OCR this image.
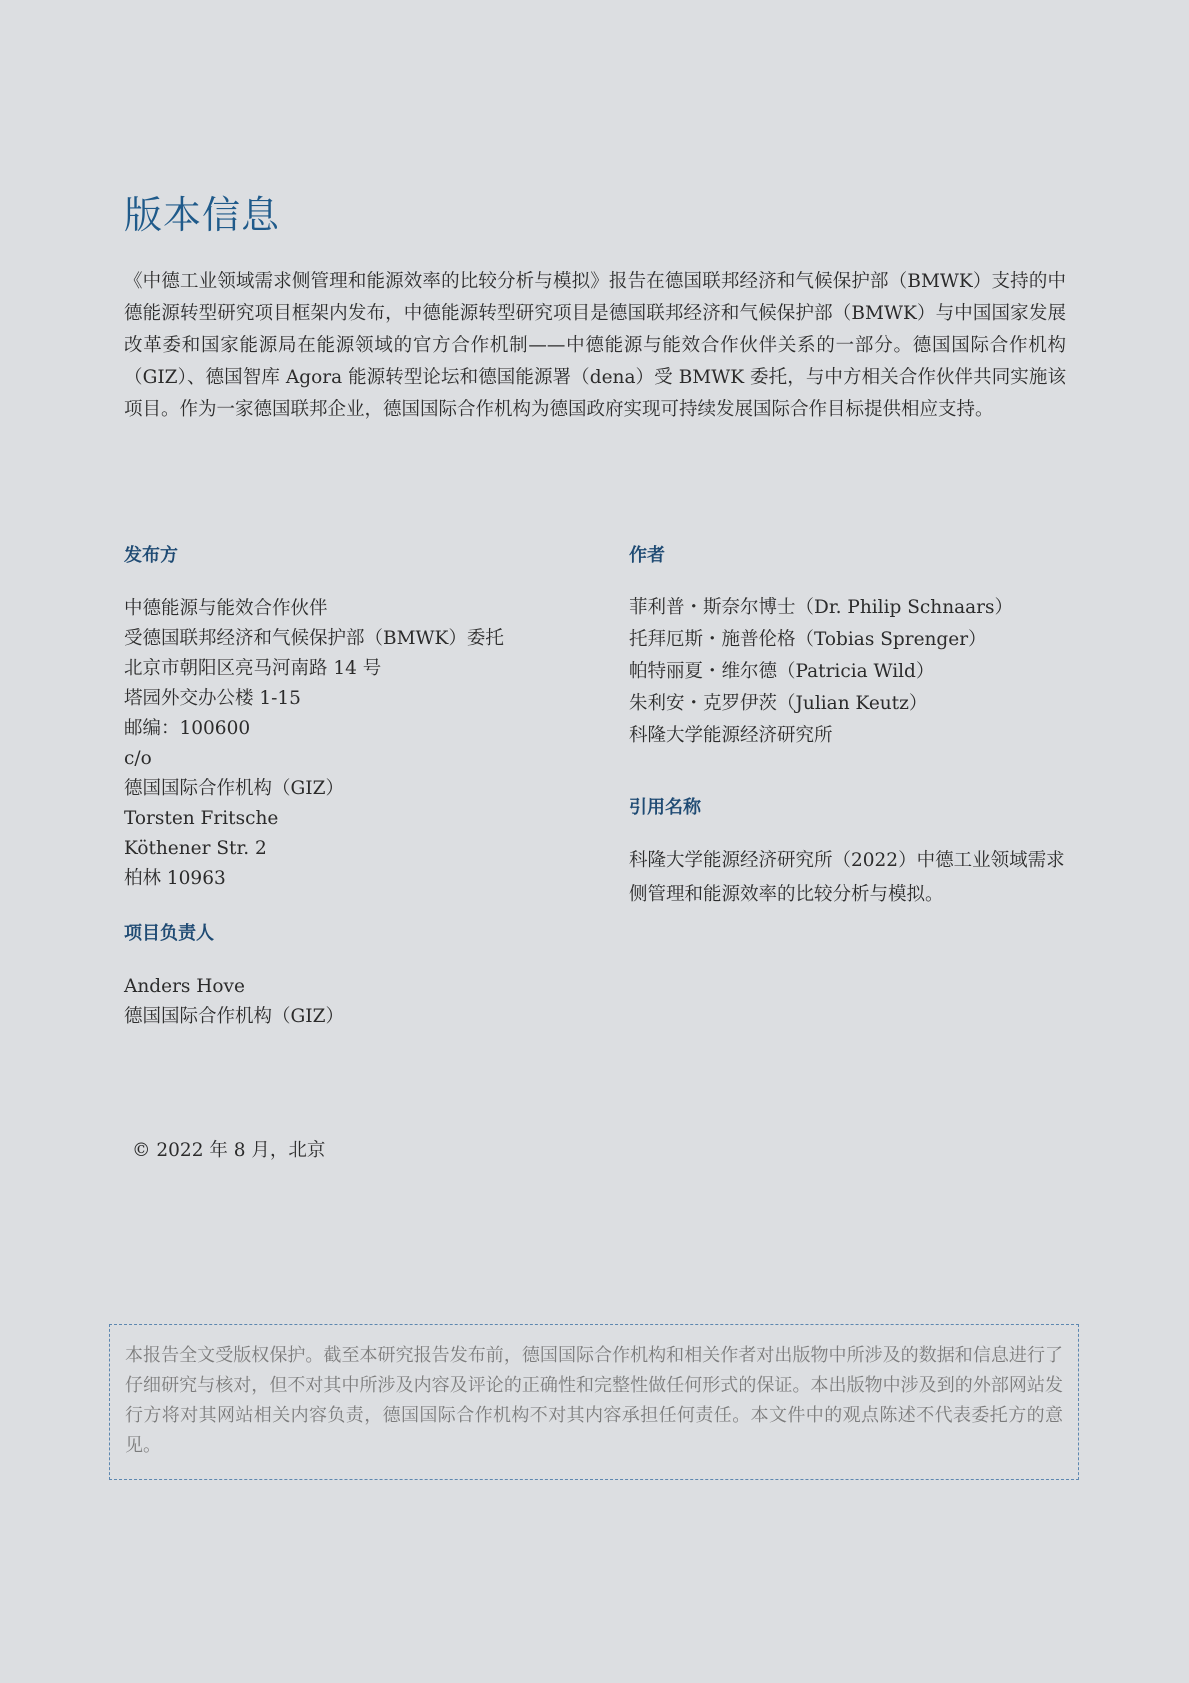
版本信息

《中德工业领域需求侧管理和能源效率的比较分析与模拟》报告在德国联邦经济和气候保护部（BMWK）支持的中德能源转型研究项目框架内发布，中德能源转型研究项目是德国联邦经济和气候保护部（BMWK）与中国国家发展改革委和国家能源局在能源领域的官方合作机制——中德能源与能效合作伙伴关系的一部分。德国国际合作机构（GIZ）、德国智库 Agora 能源转型论坛和德国能源署（dena）受 BMWK 委托，与中方相关合作伙伴共同实施该项目。作为一家德国联邦企业，德国国际合作机构为德国政府实现可持续发展国际合作目标提供相应支持。

发布方
中德能源与能效合作伙伴
受德国联邦经济和气候保护部（BMWK）委托
北京市朝阳区亮马河南路 14 号
塔园外交办公楼 1-15
邮编：100600
c/o
德国国际合作机构（GIZ）
Torsten Fritsche
Köthener Str. 2
柏林 10963
项目负责人
Anders Hove
德国国际合作机构（GIZ）
作者
菲利普・斯奈尔博士（Dr. Philip Schnaars）
托拜厄斯・施普伦格（Tobias Sprenger）
帕特丽夏・维尔德（Patricia Wild）
朱利安・克罗伊茨（Julian Keutz）
科隆大学能源经济研究所
引用名称

科隆大学能源经济研究所（2022）中德工业领域需求侧管理和能源效率的比较分析与模拟。

© 2022 年 8 月，北京

本报告全文受版权保护。截至本研究报告发布前，德国国际合作机构和相关作者对出版物中所涉及的数据和信息进行了仔细研究与核对，但不对其中所涉及内容及评论的正确性和完整性做任何形式的保证。本出版物中涉及到的外部网站发行方将对其网站相关内容负责，德国国际合作机构不对其内容承担任何责任。本文件中的观点陈述不代表委托方的意见。
